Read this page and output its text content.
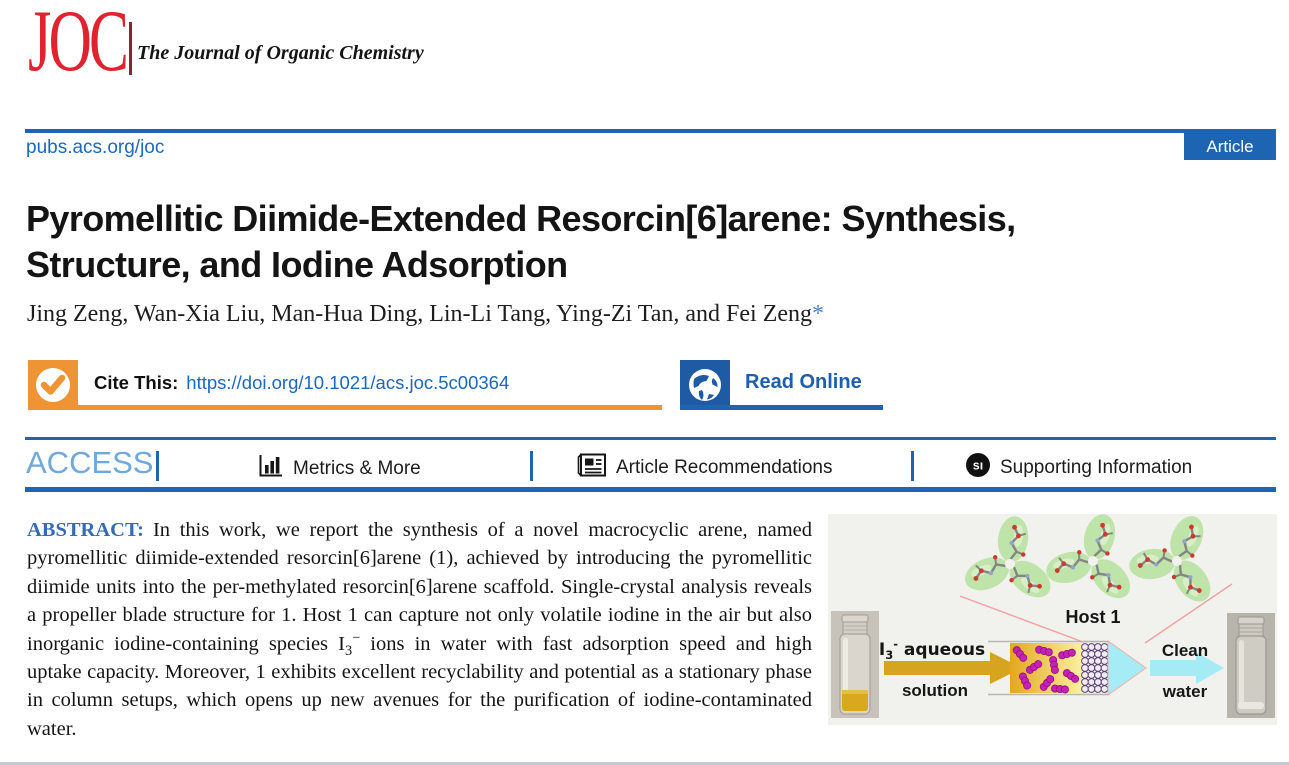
JOC The Journal of Organic Chemistry
pubs.acs.org/joc	Article
Pyromellitic Diimide-Extended Resorcin[6]arene: Synthesis,
Structure, and Iodine Adsorption
Jing Zeng, Wan-Xia Liu, Man-Hua Ding, Lin-Li Tang, Ying-Zi Tan, and Fei Zeng*
Cite This: https://doi.org/10.1021/acs.joc.5c00364	Read Online
ACCESS	Metrics & More	Article Recommendations	sı Supporting Information

ABSTRACT: In this work, we report the synthesis of a novel macrocyclic arene, named pyromellitic diimide-extended resorcin[6]arene (1), achieved by introducing the pyromellitic diimide units into the per-methylated resorcin[6]arene scaffold. Single-crystal analysis reveals a propeller blade structure for 1. Host 1 can capture not only volatile iodine in the air but also inorganic iodine-containing species $I_3^-$ ions in water with fast adsorption speed and high uptake capacity. Moreover, 1 exhibits excellent recyclability and potential as a stationary phase in column setups, which opens up new avenues for the purification of iodine-contaminated water.

Host 1
$I_3^-$ aqueous
solution
Clean
water
